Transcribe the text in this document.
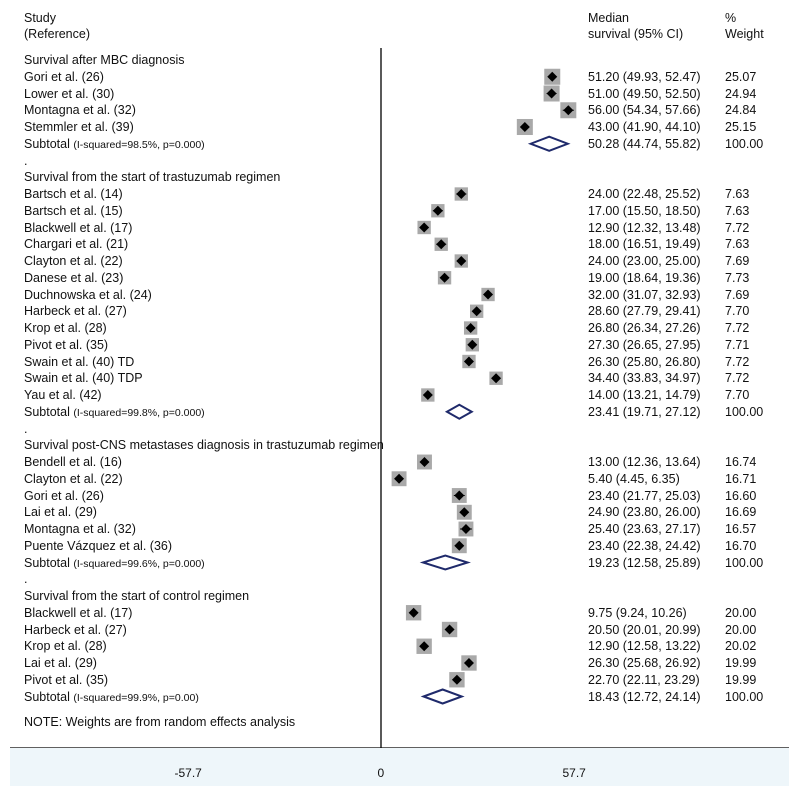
Study
(Reference)
Median
survival (95% CI)
%
Weight
Survival after MBC diagnosis
Gori et al. (26)	51.20 (49.93, 52.47) 25.07
Lower et al. (30)	51.00 (49.50, 52.50) 24.94
Montagna et al. (32)	56.00 (54.34, 57.66) 24.84
Stemmler et al. (39)	43.00 (41.90, 44.10) 25.15
Subtotal (I-squared=98.5%, p=0.000)	50.28 (44.74, 55.82) 100.00
.
Survival from the start of trastuzumab regimen
Bartsch et al. (14)	24.00 (22.48, 25.52) 7.63
Bartsch et al. (15)	17.00 (15.50, 18.50) 7.63
Blackwell et al. (17)	12.90 (12.32, 13.48) 7.72
Chargari et al. (21)	18.00 (16.51, 19.49) 7.63
Clayton et al. (22)	24.00 (23.00, 25.00) 7.69
Danese et al. (23)	19.00 (18.64, 19.36) 7.73
Duchnowska et al. (24)	32.00 (31.07, 32.93) 7.69
Harbeck et al. (27)	28.60 (27.79, 29.41) 7.70
Krop et al. (28)	26.80 (26.34, 27.26) 7.72
Pivot et al. (35)	27.30 (26.65, 27.95) 7.71
Swain et al. (40) TD	26.30 (25.80, 26.80) 7.72
Swain et al. (40) TDP	34.40 (33.83, 34.97) 7.72
Yau et al. (42)	14.00 (13.21, 14.79) 7.70
Subtotal (I-squared=99.8%, p=0.000)	23.41 (19.71, 27.12) 100.00
.
Survival post-CNS metastases diagnosis in trastuzumab regimen
Bendell et al. (16)	13.00 (12.36, 13.64) 16.74
Clayton et al. (22)	5.40 (4.45, 6.35)	16.71
Gori et al. (26)	23.40 (21.77, 25.03) 16.60
Lai et al. (29)	24.90 (23.80, 26.00) 16.69
Montagna et al. (32)	25.40 (23.63, 27.17) 16.57
Puente Vázquez et al. (36)	23.40 (22.38, 24.42) 16.70
Subtotal (I-squared=99.6%, p=0.000)	19.23 (12.58, 25.89) 100.00
.
Survival from the start of control regimen
Blackwell et al. (17)	9.75 (9.24, 10.26)	20.00
Harbeck et al. (27)	20.50 (20.01, 20.99) 20.00
Krop et al. (28)	12.90 (12.58, 13.22) 20.02
Lai et al. (29)	26.30 (25.68, 26.92) 19.99
Pivot et al. (35)	22.70 (22.11, 23.29) 19.99
Subtotal (I-squared=99.9%, p=0.00)	18.43 (12.72, 24.14) 100.00
-57.7	0	57.7
NOTE: Weights are from random effects analysis
